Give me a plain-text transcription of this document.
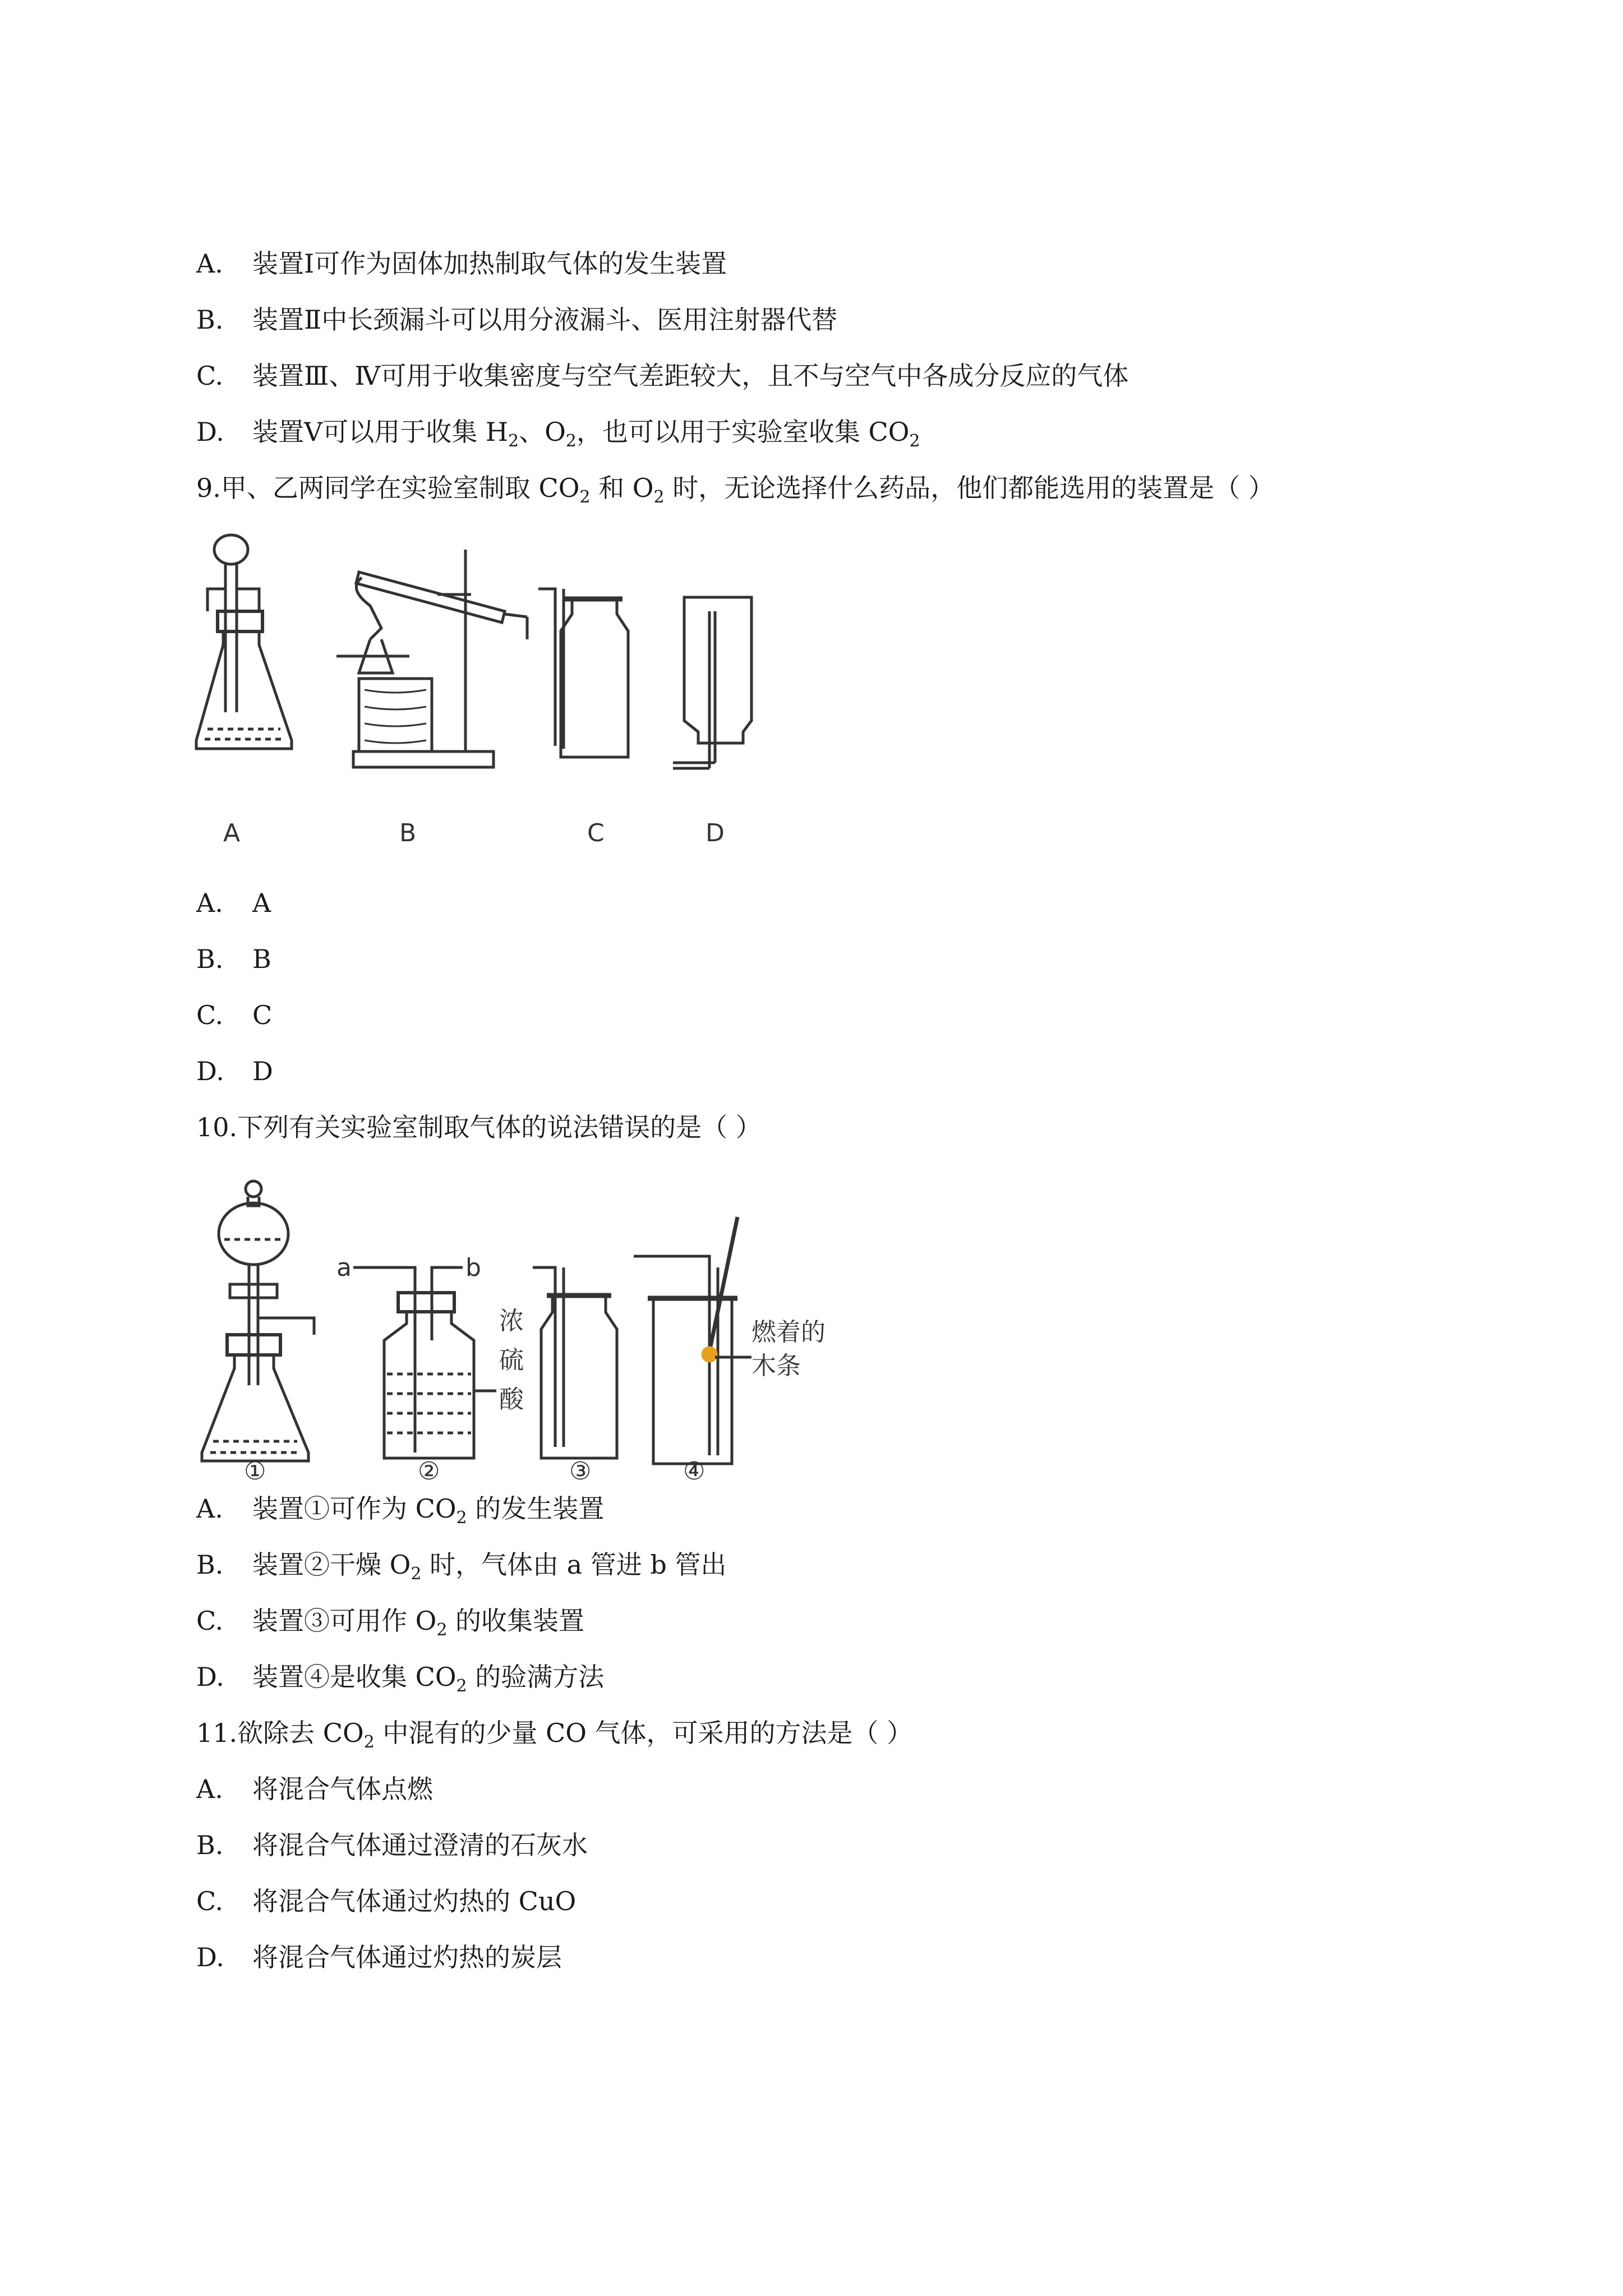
A. 装置Ⅰ可作为固体加热制取气体的发生装置
B. 装置Ⅱ中长颈漏斗可以用分液漏斗、医用注射器代替
C. 装置Ⅲ、Ⅳ可用于收集密度与空气差距较大，且不与空气中各成分反应的气体
D. 装置Ⅴ可以用于收集 $H_2$、$O_2$，也可以用于实验室收集 $CO_2$
9.甲、乙两同学在实验室制取 $CO_2$ 和 $O_2$ 时，无论选择什么药品，他们都能选用的装置是（ ）
A	B	C	D
A. A
B. B
C. C
D. D
10.下列有关实验室制取气体的说法错误的是（ ）
a	b
浓
硫
酸
燃着的
木条
①	②	③	④
A. 装置①可作为 $CO_2$ 的发生装置
B. 装置②干燥 $O_2$ 时，气体由 a 管进 b 管出
C. 装置③可用作 $O_2$ 的收集装置
D. 装置④是收集 $CO_2$ 的验满方法
11.欲除去 $CO_2$ 中混有的少量 CO 气体，可采用的方法是（ ）
A. 将混合气体点燃
B. 将混合气体通过澄清的石灰水
C. 将混合气体通过灼热的 CuO
D. 将混合气体通过灼热的炭层
